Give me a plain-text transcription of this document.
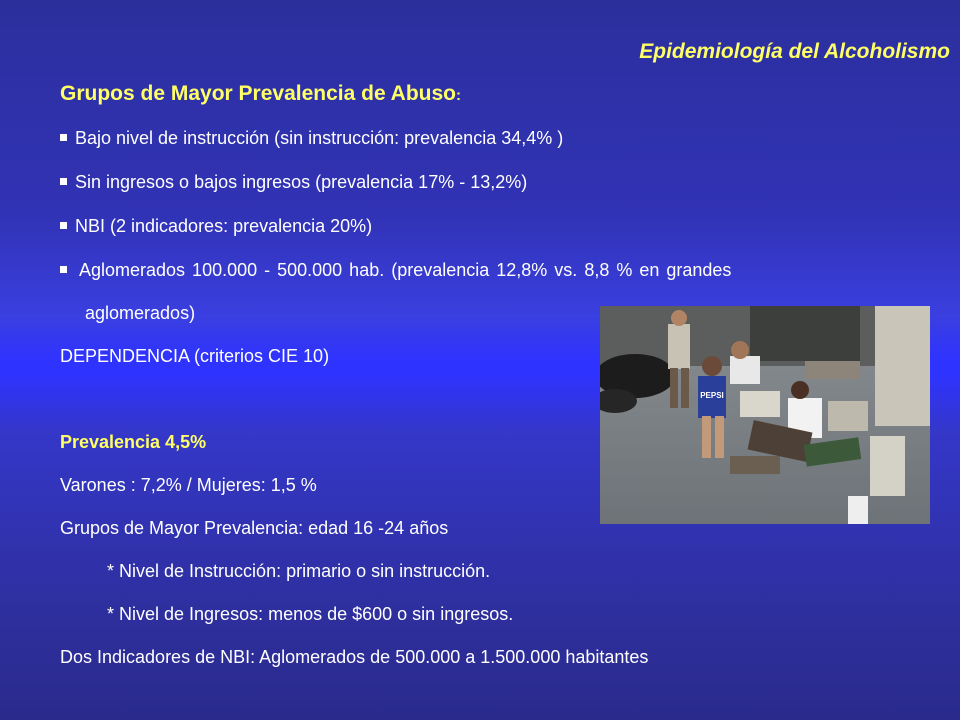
Epidemiología del Alcoholismo
Grupos de Mayor Prevalencia de Abuso:

Bajo nivel de instrucción (sin instrucción: prevalencia 34,4% )

Sin ingresos o bajos ingresos (prevalencia 17% - 13,2%)

NBI (2 indicadores: prevalencia 20%)

Aglomerados 100.000 - 500.000 hab. (prevalencia 12,8% vs. 8,8 % en grandes

aglomerados)

DEPENDENCIA (criterios CIE 10)

Prevalencia 4,5%

Varones : 7,2% / Mujeres: 1,5 %

Grupos de Mayor Prevalencia: edad 16 -24 años

* Nivel de Instrucción: primario o sin instrucción.

* Nivel de Ingresos: menos de $600 o sin ingresos.

Dos Indicadores de NBI: Aglomerados de 500.000 a 1.500.000 habitantes

PEPSI
